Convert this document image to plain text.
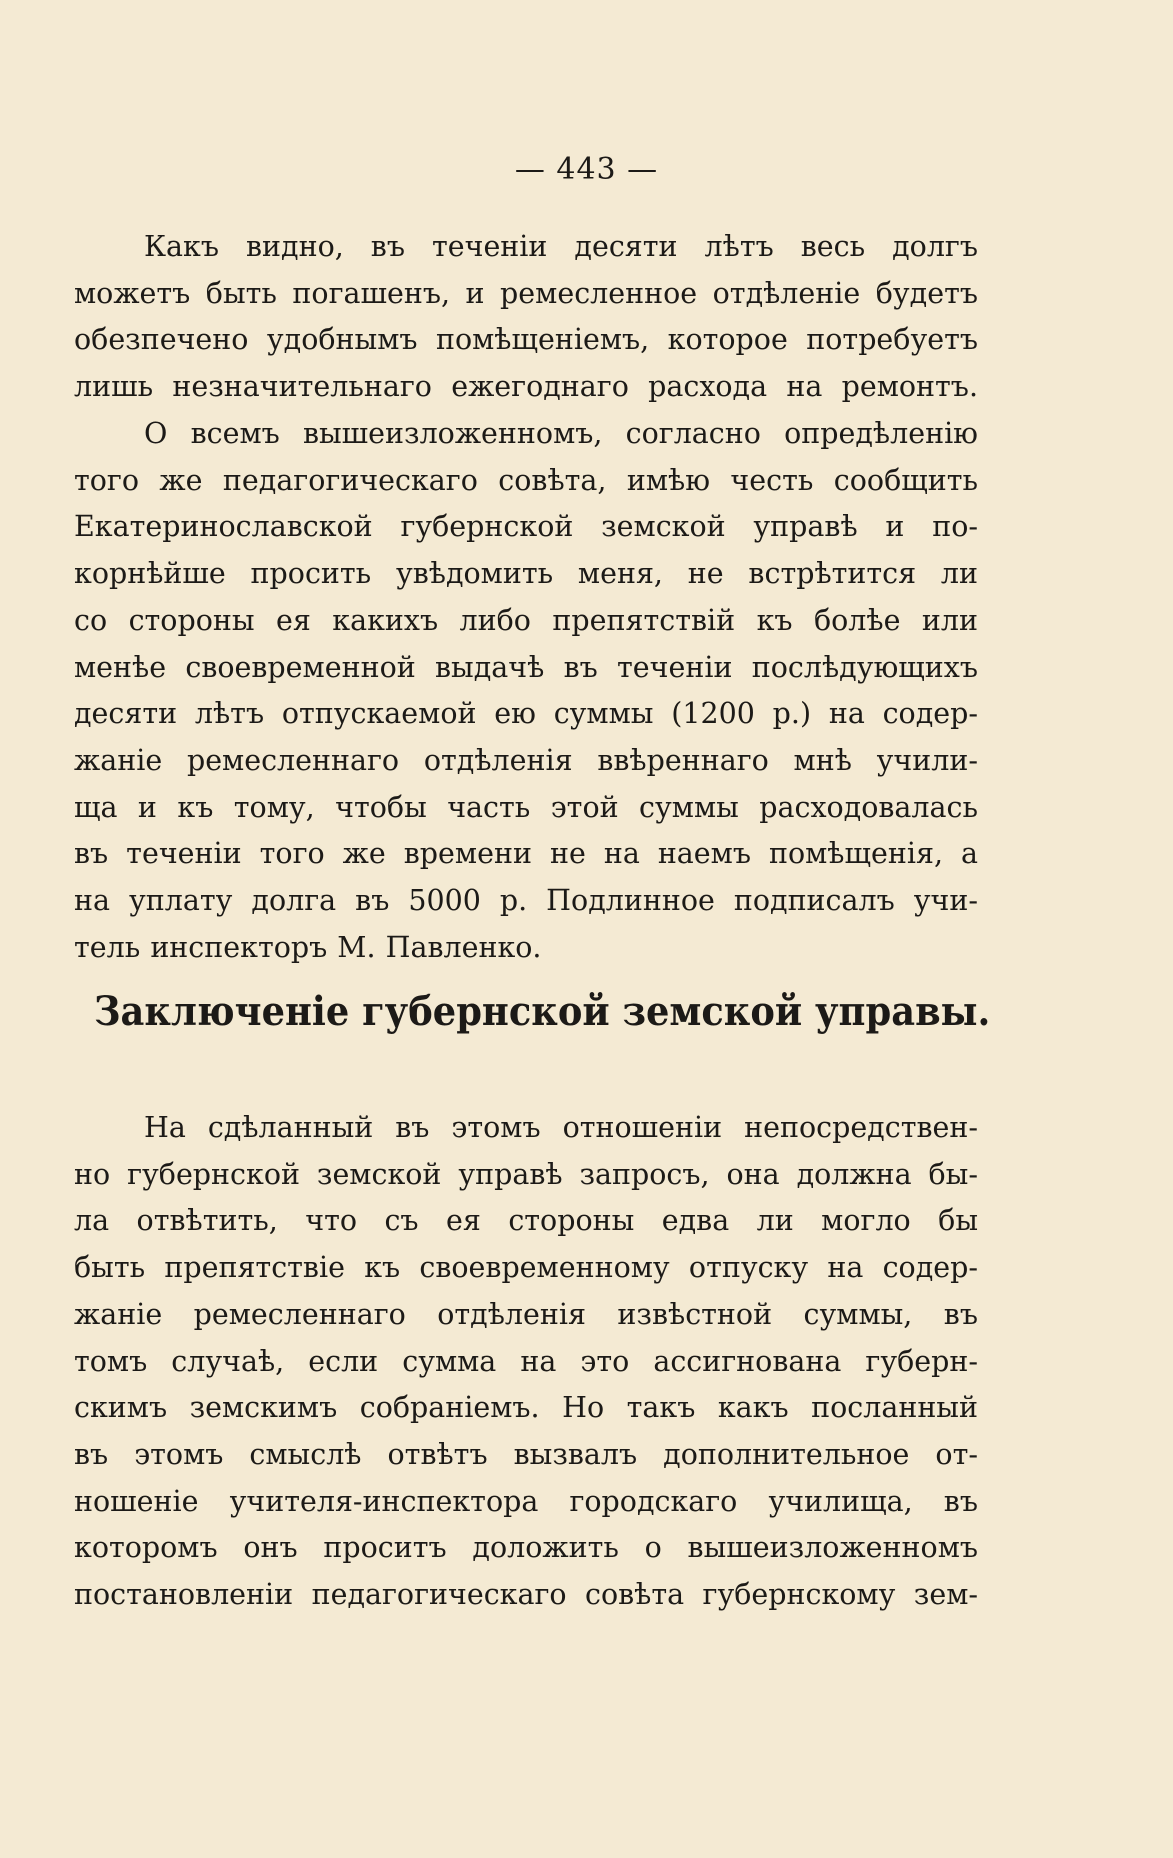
— 443 —
Какъ видно, въ теченіи десяти лѣтъ весь долгъ
можетъ быть погашенъ, и ремесленное отдѣленіе будетъ
обезпечено удобнымъ помѣщеніемъ, которое потребуетъ
лишь незначительнаго ежегоднаго расхода на ремонтъ.
О всемъ вышеизложенномъ, согласно опредѣленію
того же педагогическаго совѣта, имѣю честь сообщить
Екатеринославской губернской земской управѣ и по-
корнѣйше просить увѣдомить меня, не встрѣтится ли
со стороны ея какихъ либо препятствій къ болѣе или
менѣе своевременной выдачѣ въ теченіи послѣдующихъ
десяти лѣтъ отпускаемой ею суммы (1200 р.) на содер-
жаніе ремесленнаго отдѣленія ввѣреннаго мнѣ учили-
ща и къ тому, чтобы часть этой суммы расходовалась
въ теченіи того же времени не на наемъ помѣщенія, а
на уплату долга въ 5000 р. Подлинное подписалъ учи-
тель инспекторъ М. Павленко.
Заключеніе губернской земской управы.
На сдѣланный въ этомъ отношеніи непосредствен-
но губернской земской управѣ запросъ, она должна бы-
ла отвѣтить, что съ ея стороны едва ли могло бы
быть препятствіе къ своевременному отпуску на содер-
жаніе ремесленнаго отдѣленія извѣстной суммы, въ
томъ случаѣ, если сумма на это ассигнована губерн-
скимъ земскимъ собраніемъ. Но такъ какъ посланный
въ этомъ смыслѣ отвѣтъ вызвалъ дополнительное от-
ношеніе учителя-инспектора городскаго училища, въ
которомъ онъ проситъ доложить о вышеизложенномъ
постановленіи педагогическаго совѣта губернскому зем-
